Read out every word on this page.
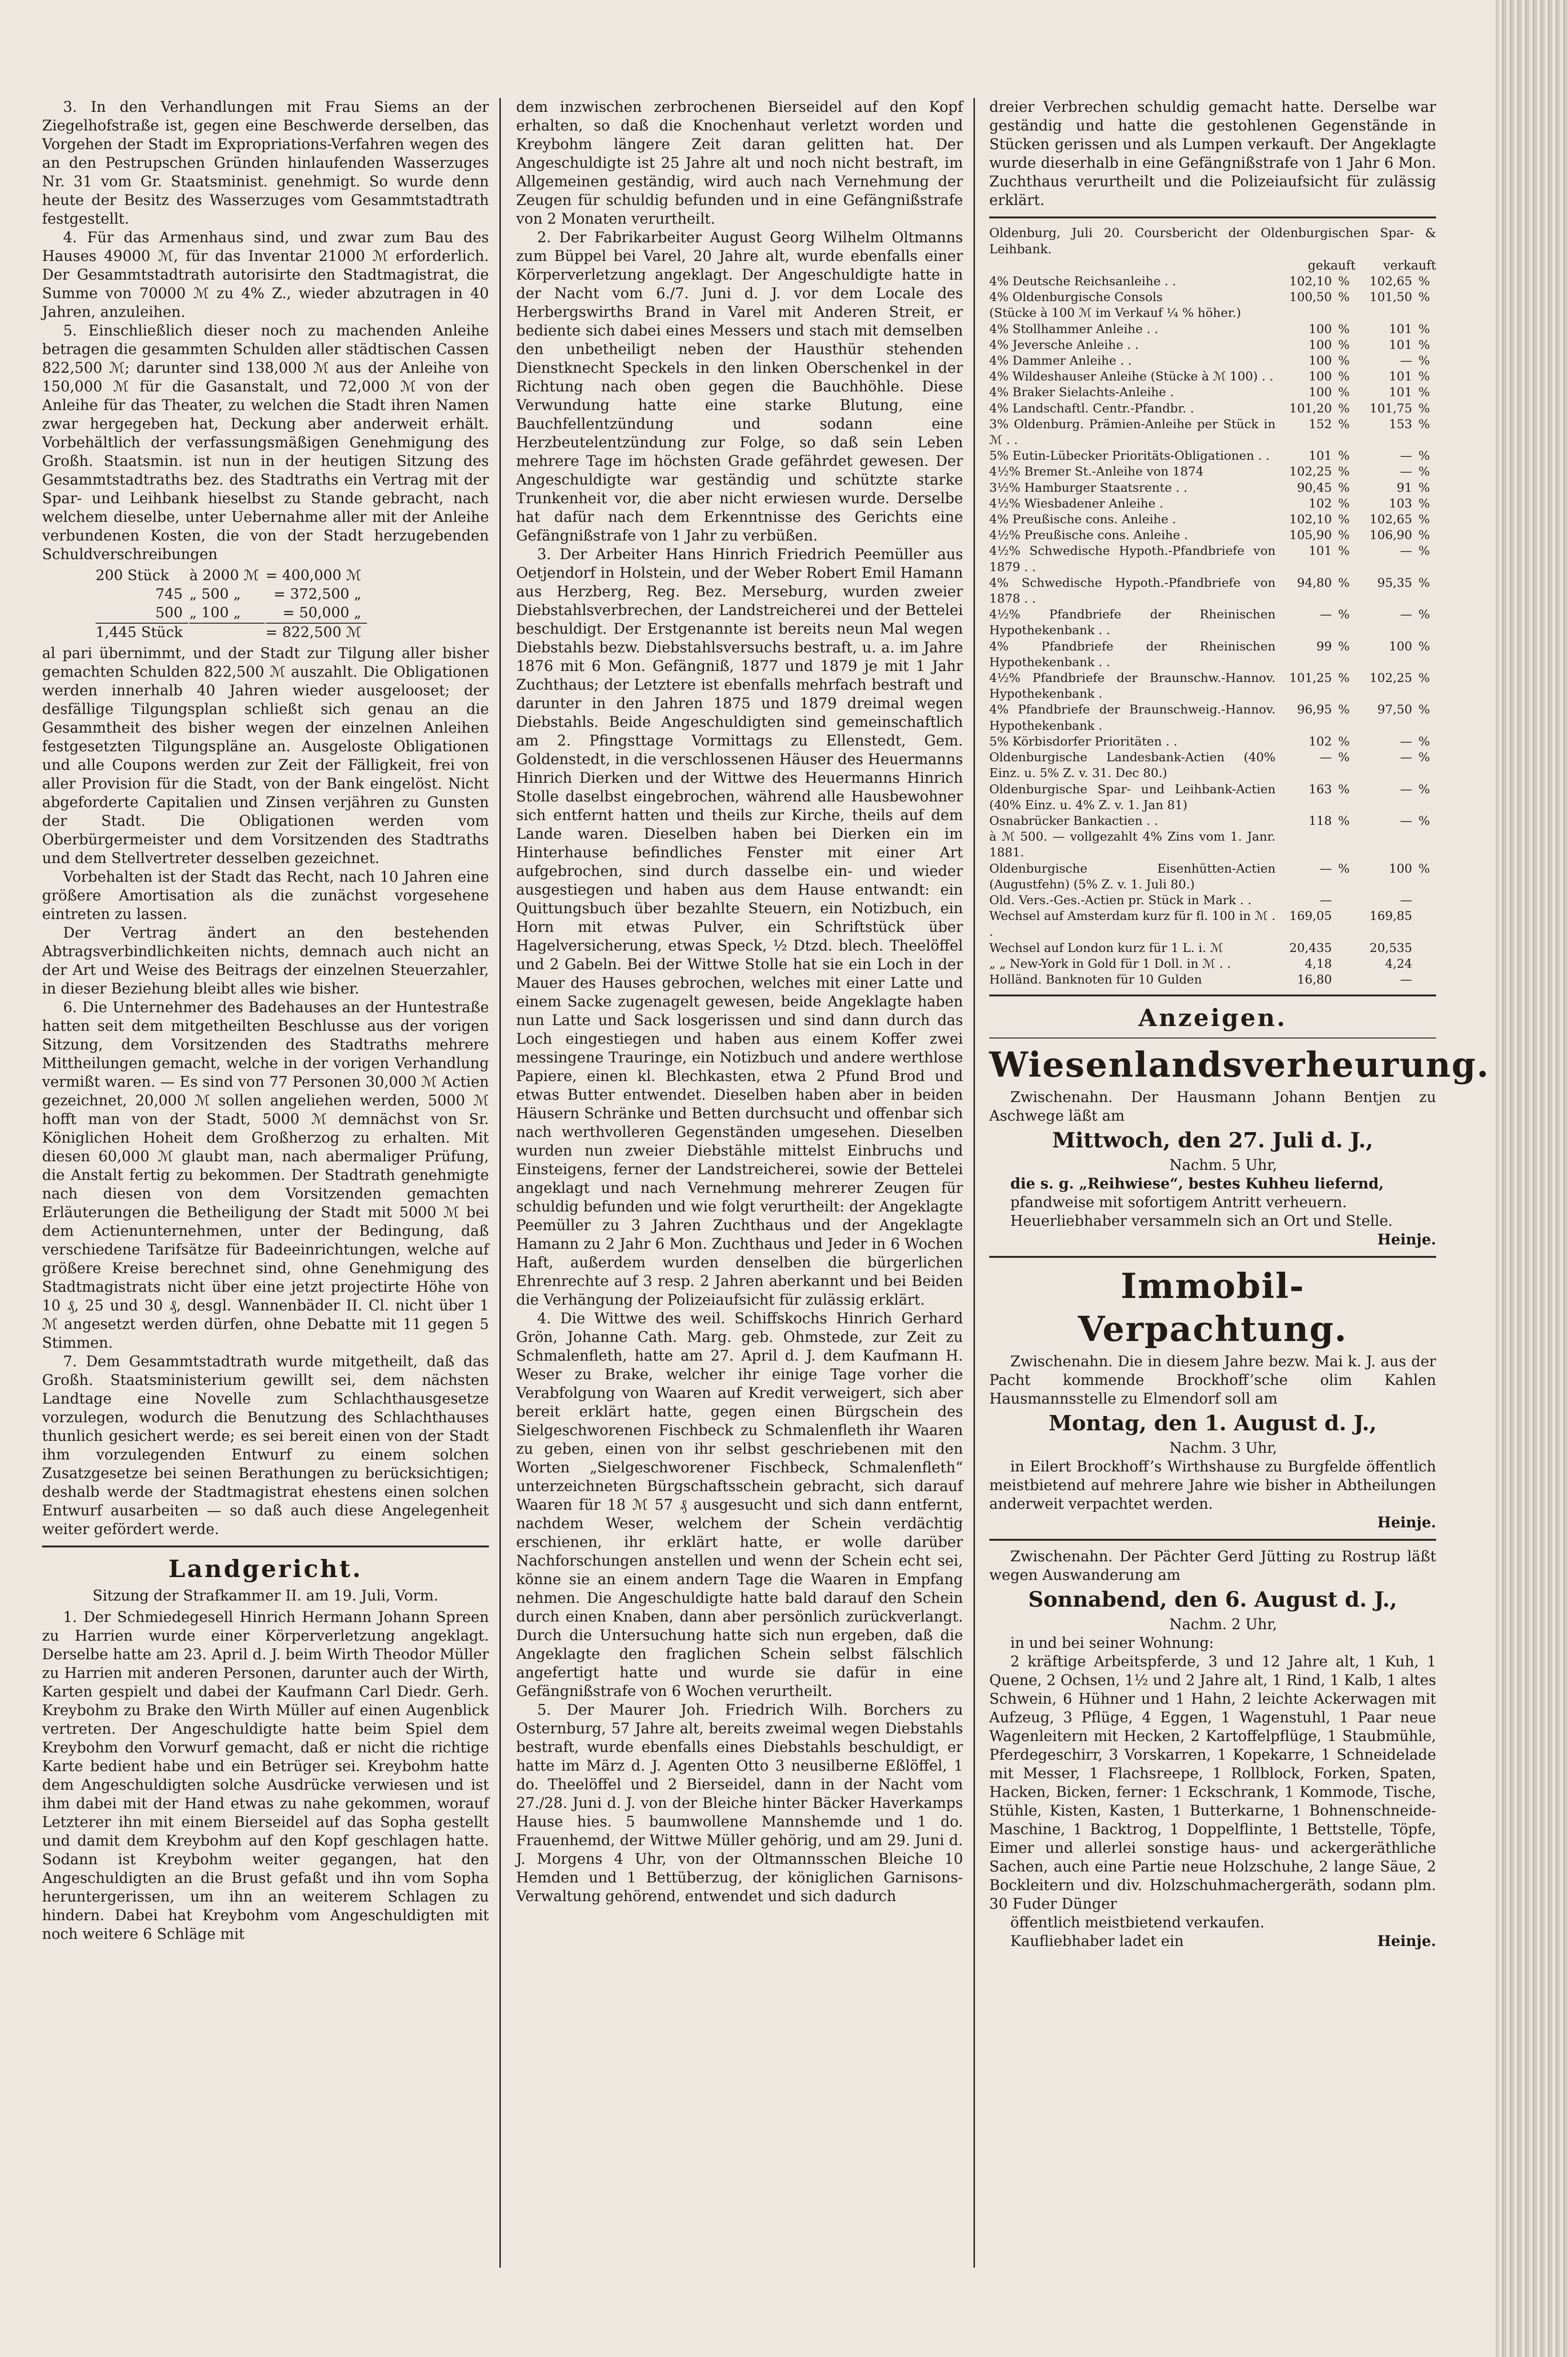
3. In den Verhandlungen mit Frau Siems an der Ziegelhofstraße ist, gegen eine Beschwerde derselben, das Vorgehen der Stadt im Expropriations-Verfahren wegen des an den Pestrupschen Gründen hinlaufenden Wasserzuges Nr. 31 vom Gr. Staatsminist. genehmigt. So wurde denn heute der Besitz des Wasserzuges vom Gesammtstadtrath festgestellt.

4. Für das Armenhaus sind, und zwar zum Bau des Hauses 49000 ℳ, für das Inventar 21000 ℳ erforderlich. Der Gesammtstadtrath autorisirte den Stadtmagistrat, die Summe von 70000 ℳ zu 4% Z., wieder abzutragen in 40 Jahren, anzuleihen.

5. Einschließlich dieser noch zu machenden Anleihe betragen die gesammten Schulden aller städtischen Cassen 822,500 ℳ; darunter sind 138,000 ℳ aus der Anleihe von 150,000 ℳ für die Gasanstalt, und 72,000 ℳ von der Anleihe für das Theater, zu welchen die Stadt ihren Namen zwar hergegeben hat, Deckung aber anderweit erhält. Vorbehältlich der verfassungsmäßigen Genehmigung des Großh. Staatsmin. ist nun in der heutigen Sitzung des Gesammtstadtraths bez. des Stadtraths ein Vertrag mit der Spar- und Leihbank hieselbst zu Stande gebracht, nach welchem dieselbe, unter Uebernahme aller mit der Anleihe verbundenen Kosten, die von der Stadt herzugebenden Schuldverschreibungen

200 Stück	à 2000 ℳ	= 400,000 ℳ
745	„ 500 „	= 372,500 „
500	„ 100 „	= 50,000 „
1,445 Stück		= 822,500 ℳ

al pari übernimmt, und der Stadt zur Tilgung aller bisher gemachten Schulden 822,500 ℳ auszahlt. Die Obligationen werden innerhalb 40 Jahren wieder ausgelooset; der desfällige Tilgungsplan schließt sich genau an die Gesammtheit des bisher wegen der einzelnen Anleihen festgesetzten Tilgungspläne an. Ausgeloste Obligationen und alle Coupons werden zur Zeit der Fälligkeit, frei von aller Provision für die Stadt, von der Bank eingelöst. Nicht abgeforderte Capitalien und Zinsen verjähren zu Gunsten der Stadt. Die Obligationen werden vom Oberbürgermeister und dem Vorsitzenden des Stadtraths und dem Stellvertreter desselben gezeichnet.

Vorbehalten ist der Stadt das Recht, nach 10 Jahren eine größere Amortisation als die zunächst vorgesehene eintreten zu lassen.

Der Vertrag ändert an den bestehenden Abtragsverbindlichkeiten nichts, demnach auch nicht an der Art und Weise des Beitrags der einzelnen Steuerzahler, in dieser Beziehung bleibt alles wie bisher.

6. Die Unternehmer des Badehauses an der Huntestraße hatten seit dem mitgetheilten Beschlusse aus der vorigen Sitzung, dem Vorsitzenden des Stadtraths mehrere Mittheilungen gemacht, welche in der vorigen Verhandlung vermißt waren. — Es sind von 77 Personen 30,000 ℳ Actien gezeichnet, 20,000 ℳ sollen angeliehen werden, 5000 ℳ hofft man von der Stadt, 5000 ℳ demnächst von Sr. Königlichen Hoheit dem Großherzog zu erhalten. Mit diesen 60,000 ℳ glaubt man, nach abermaliger Prüfung, die Anstalt fertig zu bekommen. Der Stadtrath genehmigte nach diesen von dem Vorsitzenden gemachten Erläuterungen die Betheiligung der Stadt mit 5000 ℳ bei dem Actienunternehmen, unter der Bedingung, daß verschiedene Tarifsätze für Badeeinrichtungen, welche auf größere Kreise berechnet sind, ohne Genehmigung des Stadtmagistrats nicht über eine jetzt projectirte Höhe von 10 ₰, 25 und 30 ₰, desgl. Wannenbäder II. Cl. nicht über 1 ℳ angesetzt werden dürfen, ohne Debatte mit 11 gegen 5 Stimmen.

7. Dem Gesammtstadtrath wurde mitgetheilt, daß das Großh. Staatsministerium gewillt sei, dem nächsten Landtage eine Novelle zum Schlachthausgesetze vorzulegen, wodurch die Benutzung des Schlachthauses thunlich gesichert werde; es sei bereit einen von der Stadt ihm vorzulegenden Entwurf zu einem solchen Zusatzgesetze bei seinen Berathungen zu berücksichtigen; deshalb werde der Stadtmagistrat ehestens einen solchen Entwurf ausarbeiten — so daß auch diese Angelegenheit weiter gefördert werde.

Landgericht.
Sitzung der Strafkammer II. am 19. Juli, Vorm.

1. Der Schmiedegesell Hinrich Hermann Johann Spreen zu Harrien wurde einer Körperverletzung angeklagt. Derselbe hatte am 23. April d. J. beim Wirth Theodor Müller zu Harrien mit anderen Personen, darunter auch der Wirth, Karten gespielt und dabei der Kaufmann Carl Diedr. Gerh. Kreybohm zu Brake den Wirth Müller auf einen Augenblick vertreten. Der Angeschuldigte hatte beim Spiel dem Kreybohm den Vorwurf gemacht, daß er nicht die richtige Karte bedient habe und ein Betrüger sei. Kreybohm hatte dem Angeschuldigten solche Ausdrücke verwiesen und ist ihm dabei mit der Hand etwas zu nahe gekommen, worauf Letzterer ihn mit einem Bierseidel auf das Sopha gestellt und damit dem Kreybohm auf den Kopf geschlagen hatte. Sodann ist Kreybohm weiter gegangen, hat den Angeschuldigten an die Brust gefaßt und ihn vom Sopha heruntergerissen, um ihn an weiterem Schlagen zu hindern. Dabei hat Kreybohm vom Angeschuldigten mit noch weitere 6 Schläge mit

dem inzwischen zerbrochenen Bierseidel auf den Kopf erhalten, so daß die Knochenhaut verletzt worden und Kreybohm längere Zeit daran gelitten hat. Der Angeschuldigte ist 25 Jahre alt und noch nicht bestraft, im Allgemeinen geständig, wird auch nach Vernehmung der Zeugen für schuldig befunden und in eine Gefängnißstrafe von 2 Monaten verurtheilt.

2. Der Fabrikarbeiter August Georg Wilhelm Oltmanns zum Büppel bei Varel, 20 Jahre alt, wurde ebenfalls einer Körperverletzung angeklagt. Der Angeschuldigte hatte in der Nacht vom 6./7. Juni d. J. vor dem Locale des Herbergswirths Brand in Varel mit Anderen Streit, er bediente sich dabei eines Messers und stach mit demselben den unbetheiligt neben der Hausthür stehenden Dienstknecht Speckels in den linken Oberschenkel in der Richtung nach oben gegen die Bauchhöhle. Diese Verwundung hatte eine starke Blutung, eine Bauchfellentzündung und sodann eine Herzbeutelentzündung zur Folge, so daß sein Leben mehrere Tage im höchsten Grade gefährdet gewesen. Der Angeschuldigte war geständig und schützte starke Trunkenheit vor, die aber nicht erwiesen wurde. Derselbe hat dafür nach dem Erkenntnisse des Gerichts eine Gefängnißstrafe von 1 Jahr zu verbüßen.

3. Der Arbeiter Hans Hinrich Friedrich Peemüller aus Oetjendorf in Holstein, und der Weber Robert Emil Hamann aus Herzberg, Reg. Bez. Merseburg, wurden zweier Diebstahlsverbrechen, der Landstreicherei und der Bettelei beschuldigt. Der Erstgenannte ist bereits neun Mal wegen Diebstahls bezw. Diebstahlsversuchs bestraft, u. a. im Jahre 1876 mit 6 Mon. Gefängniß, 1877 und 1879 je mit 1 Jahr Zuchthaus; der Letztere ist ebenfalls mehrfach bestraft und darunter in den Jahren 1875 und 1879 dreimal wegen Diebstahls. Beide Angeschuldigten sind gemeinschaftlich am 2. Pfingsttage Vormittags zu Ellenstedt, Gem. Goldenstedt, in die verschlossenen Häuser des Heuermanns Hinrich Dierken und der Wittwe des Heuermanns Hinrich Stolle daselbst eingebrochen, während alle Hausbewohner sich entfernt hatten und theils zur Kirche, theils auf dem Lande waren. Dieselben haben bei Dierken ein im Hinterhause befindliches Fenster mit einer Art aufgebrochen, sind durch dasselbe ein- und wieder ausgestiegen und haben aus dem Hause entwandt: ein Quittungsbuch über bezahlte Steuern, ein Notizbuch, ein Horn mit etwas Pulver, ein Schriftstück über Hagelversicherung, etwas Speck, ½ Dtzd. blech. Theelöffel und 2 Gabeln. Bei der Wittwe Stolle hat sie ein Loch in der Mauer des Hauses gebrochen, welches mit einer Latte und einem Sacke zugenagelt gewesen, beide Angeklagte haben nun Latte und Sack losgerissen und sind dann durch das Loch eingestiegen und haben aus einem Koffer zwei messingene Trauringe, ein Notizbuch und andere werthlose Papiere, einen kl. Blechkasten, etwa 2 Pfund Brod und etwas Butter entwendet. Dieselben haben aber in beiden Häusern Schränke und Betten durchsucht und offenbar sich nach werthvolleren Gegenständen umgesehen. Dieselben wurden nun zweier Diebstähle mittelst Einbruchs und Einsteigens, ferner der Landstreicherei, sowie der Bettelei angeklagt und nach Vernehmung mehrerer Zeugen für schuldig befunden und wie folgt verurtheilt: der Angeklagte Peemüller zu 3 Jahren Zuchthaus und der Angeklagte Hamann zu 2 Jahr 6 Mon. Zuchthaus und Jeder in 6 Wochen Haft, außerdem wurden denselben die bürgerlichen Ehrenrechte auf 3 resp. 2 Jahren aberkannt und bei Beiden die Verhängung der Polizeiaufsicht für zulässig erklärt.

4. Die Wittwe des weil. Schiffskochs Hinrich Gerhard Grön, Johanne Cath. Marg. geb. Ohmstede, zur Zeit zu Schmalenfleth, hatte am 27. April d. J. dem Kaufmann H. Weser zu Brake, welcher ihr einige Tage vorher die Verabfolgung von Waaren auf Kredit verweigert, sich aber bereit erklärt hatte, gegen einen Bürgschein des Sielgeschworenen Fischbeck zu Schmalenfleth ihr Waaren zu geben, einen von ihr selbst geschriebenen mit den Worten „Sielgeschworener Fischbeck, Schmalenfleth“ unterzeichneten Bürgschaftsschein gebracht, sich darauf Waaren für 18 ℳ 57 ₰ ausgesucht und sich dann entfernt, nachdem Weser, welchem der Schein verdächtig erschienen, ihr erklärt hatte, er wolle darüber Nachforschungen anstellen und wenn der Schein echt sei, könne sie an einem andern Tage die Waaren in Empfang nehmen. Die Angeschuldigte hatte bald darauf den Schein durch einen Knaben, dann aber persönlich zurückverlangt. Durch die Untersuchung hatte sich nun ergeben, daß die Angeklagte den fraglichen Schein selbst fälschlich angefertigt hatte und wurde sie dafür in eine Gefängnißstrafe von 6 Wochen verurtheilt.

5. Der Maurer Joh. Friedrich Wilh. Borchers zu Osternburg, 57 Jahre alt, bereits zweimal wegen Diebstahls bestraft, wurde ebenfalls eines Diebstahls beschuldigt, er hatte im März d. J. Agenten Otto 3 neusilberne Eßlöffel, 1 do. Theelöffel und 2 Bierseidel, dann in der Nacht vom 27./28. Juni d. J. von der Bleiche hinter Bäcker Haverkamps Hause hies. 5 baumwollene Mannshemde und 1 do. Frauenhemd, der Wittwe Müller gehörig, und am 29. Juni d. J. Morgens 4 Uhr, von der Oltmannsschen Bleiche 10 Hemden und 1 Bettüberzug, der königlichen Garnisons-Verwaltung gehörend, entwendet und sich dadurch

dreier Verbrechen schuldig gemacht hatte. Derselbe war geständig und hatte die gestohlenen Gegenstände in Stücken gerissen und als Lumpen verkauft. Der Angeklagte wurde dieserhalb in eine Gefängnißstrafe von 1 Jahr 6 Mon. Zuchthaus verurtheilt und die Polizeiaufsicht für zulässig erklärt.

Oldenburg, Juli 20. Coursbericht der Oldenburgischen Spar- & Leihbank.
gekauft verkauft
4% Deutsche Reichsanleihe . .	102,10	%	102,65	%
4% Oldenburgische Consols	100,50	%	101,50	%
(Stücke à 100 ℳ im Verkauf ¼ % höher.)				
4% Stollhammer Anleihe . .	100	%	101	%
4% Jeversche Anleihe . .	100	%	101	%
4% Dammer Anleihe . .	100	%	—	%
4% Wildeshauser Anleihe (Stücke à ℳ 100) . .	100	%	101	%
4% Braker Sielachts-Anleihe .	100	%	101	%
4% Landschaftl. Centr.-Pfandbr. .	101,20	%	101,75	%
3% Oldenburg. Prämien-Anleihe per Stück in ℳ . .	152	%	153	%
5% Eutin-Lübecker Prioritäts-Obligationen . .	101	%	—	%
4½% Bremer St.-Anleihe von 1874	102,25	%	—	%
3½% Hamburger Staatsrente . .	90,45	%	91	%
4½% Wiesbadener Anleihe .	102	%	103	%
4% Preußische cons. Anleihe .	102,10	%	102,65	%
4½% Preußische cons. Anleihe .	105,90	%	106,90	%
4½% Schwedische Hypoth.-Pfandbriefe von 1879 . .	101	%	—	%
4% Schwedische Hypoth.-Pfandbriefe von 1878 . .	94,80	%	95,35	%
4½% Pfandbriefe der Rheinischen Hypothekenbank . .	—	%	—	%
4% Pfandbriefe der Rheinischen Hypothekenbank . .	99	%	100	%
4½% Pfandbriefe der Braunschw.-Hannov. Hypothekenbank .	101,25	%	102,25	%
4% Pfandbriefe der Braunschweig.-Hannov. Hypothekenbank .	96,95	%	97,50	%
5% Körbisdorfer Prioritäten . .	102	%	—	%
Oldenburgische Landesbank-Actien (40% Einz. u. 5% Z. v. 31. Dec 80.)	—	%	—	%
Oldenburgische Spar- und Leihbank-Actien (40% Einz. u. 4% Z. v. 1. Jan 81)	163	%	—	%
Osnabrücker Bankactien . .	118	%	—	%
à ℳ 500. — vollgezahlt 4% Zins vom 1. Janr. 1881.				
Oldenburgische Eisenhütten-Actien (Augustfehn) (5% Z. v. 1. Juli 80.)	—	%	100	%
Old. Vers.-Ges.-Actien pr. Stück in Mark . .	—		—	
Wechsel auf Amsterdam kurz für fl. 100 in ℳ . .	169,05		169,85	
Wechsel auf London kurz für 1 L. i. ℳ	20,435		20,535	
„ „ New-York in Gold für 1 Doll. in ℳ . .	4,18		4,24	
Holländ. Banknoten für 10 Gulden	16,80		—	
Anzeigen.
Wiesenlandsverheurung.

Zwischenahn. Der Hausmann Johann Bentjen zu Aschwege läßt am

Mittwoch, den 27. Juli d. J.,

Nachm. 5 Uhr,

die s. g. „Reihwiese“, bestes Kuhheu liefernd,

pfandweise mit sofortigem Antritt verheuern.

Heuerliebhaber versammeln sich an Ort und Stelle.

Heinje.

Immobil-Verpachtung.

Zwischenahn. Die in diesem Jahre bezw. Mai k. J. aus der Pacht kommende Brockhoff’sche olim Kahlen Hausmannsstelle zu Elmendorf soll am

Montag, den 1. August d. J.,

Nachm. 3 Uhr,

in Eilert Brockhoff’s Wirthshause zu Burgfelde öffentlich meistbietend auf mehrere Jahre wie bisher in Abtheilungen anderweit verpachtet werden.

Heinje.

Zwischenahn. Der Pächter Gerd Jütting zu Rostrup läßt wegen Auswanderung am

Sonnabend, den 6. August d. J.,

Nachm. 2 Uhr,

in und bei seiner Wohnung:

2 kräftige Arbeitspferde, 3 und 12 Jahre alt, 1 Kuh, 1 Quene, 2 Ochsen, 1½ und 2 Jahre alt, 1 Rind, 1 Kalb, 1 altes Schwein, 6 Hühner und 1 Hahn, 2 leichte Ackerwagen mit Aufzeug, 3 Pflüge, 4 Eggen, 1 Wagenstuhl, 1 Paar neue Wagenleitern mit Hecken, 2 Kartoffelpflüge, 1 Staubmühle, Pferdegeschirr, 3 Vorskarren, 1 Kopekarre, 1 Schneidelade mit Messer, 1 Flachsreepe, 1 Rollblock, Forken, Spaten, Hacken, Bicken, ferner: 1 Eckschrank, 1 Kommode, Tische, Stühle, Kisten, Kasten, 1 Butterkarne, 1 Bohnenschneide-Maschine, 1 Backtrog, 1 Doppelflinte, 1 Bettstelle, Töpfe, Eimer und allerlei sonstige haus- und ackergeräthliche Sachen, auch eine Partie neue Holzschuhe, 2 lange Säue, 2 Bockleitern und div. Holzschuhmachergeräth, sodann plm. 30 Fuder Dünger

öffentlich meistbietend verkaufen.

Kaufliebhaber ladet ein	Heinje.
